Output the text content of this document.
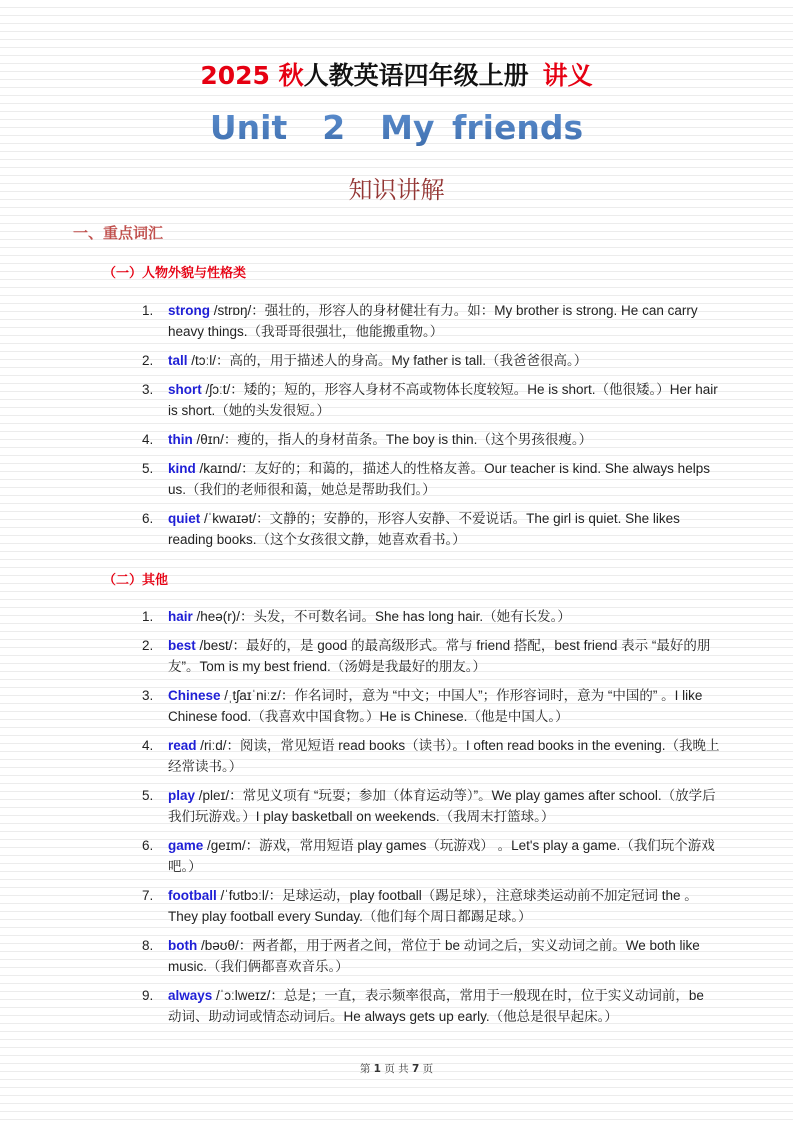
2025 秋人教英语四年级上册 讲义
Unit  2  My friends
知识讲解
一、重点词汇
（一）人物外貌与性格类
1. strong /strɒŋ/：强壮的，形容人的身材健壮有力。如：My brother is strong. He can carry heavy things.（我哥哥很强壮，他能搬重物。）
2. tall /tɔːl/：高的，用于描述人的身高。My father is tall.（我爸爸很高。）
3. short /ʃɔːt/：矮的；短的，形容人身材不高或物体长度较短。He is short.（他很矮。）Her hair is short.（她的头发很短。）
4. thin /θɪn/：瘦的，指人的身材苗条。The boy is thin.（这个男孩很瘦。）
5. kind /kaɪnd/：友好的；和蔼的，描述人的性格友善。Our teacher is kind. She always helps us.（我们的老师很和蔼，她总是帮助我们。）
6. quiet /ˈkwaɪət/：文静的；安静的，形容人安静、不爱说话。The girl is quiet. She likes reading books.（这个女孩很文静，她喜欢看书。）
（二）其他
1. hair /heə(r)/：头发，不可数名词。She has long hair.（她有长发。）
2. best /best/：最好的，是 good 的最高级形式。常与 friend 搭配，best friend 表示 “最好的朋友”。Tom is my best friend.（汤姆是我最好的朋友。）
3. Chinese /ˌtʃaɪˈniːz/：作名词时，意为 “中文；中国人”；作形容词时，意为 “中国的” 。I like Chinese food.（我喜欢中国食物。）He is Chinese.（他是中国人。）
4. read /riːd/：阅读，常见短语 read books（读书）。I often read books in the evening.（我晚上经常读书。）
5. play /pleɪ/：常见义项有 “玩耍；参加（体育运动等）”。We play games after school.（放学后我们玩游戏。）I play basketball on weekends.（我周末打篮球。）
6. game /geɪm/：游戏，常用短语 play games（玩游戏） 。Let's play a game.（我们玩个游戏吧。）
7. football /ˈfʊtbɔːl/：足球运动，play football（踢足球），注意球类运动前不加定冠词 the 。They play football every Sunday.（他们每个周日都踢足球。）
8. both /bəʊθ/：两者都，用于两者之间，常位于 be 动词之后，实义动词之前。We both like music.（我们俩都喜欢音乐。）
9. always /ˈɔːlweɪz/：总是；一直，表示频率很高，常用于一般现在时，位于实义动词前，be 动词、助动词或情态动词后。He always gets up early.（他总是很早起床。）
第 1 页 共 7 页
